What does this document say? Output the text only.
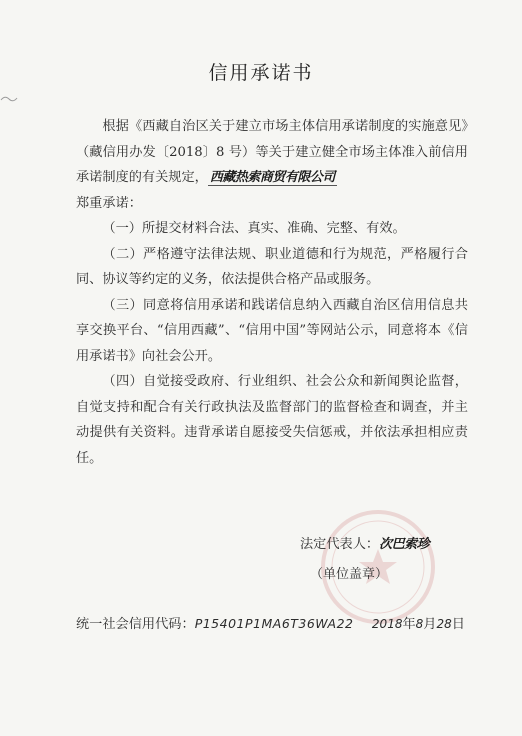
信用承诺书

根据《西藏自治区关于建立市场主体信用承诺制度的实施意见》（藏信用办发〔2018〕8 号）等关于建立健全市场主体准入前信用承诺制度的有关规定， 西藏热索商贸有限公司

郑重承诺：

（一）所提交材料合法、真实、准确、完整、有效。

（二）严格遵守法律法规、职业道德和行为规范，严格履行合同、协议等约定的义务，依法提供合格产品或服务。

（三）同意将信用承诺和践诺信息纳入西藏自治区信用信息共享交换平台、“信用西藏”、“信用中国”等网站公示，同意将本《信用承诺书》向社会公开。

（四）自觉接受政府、行业组织、社会公众和新闻舆论监督，自觉支持和配合有关行政执法及监督部门的监督检查和调查，并主动提供有关资料。违背承诺自愿接受失信惩戒，并依法承担相应责任。

法定代表人：次巴索珍
（单位盖章）
统一社会信用代码：P15401P1MA6T36WA22 2018年8月28日
